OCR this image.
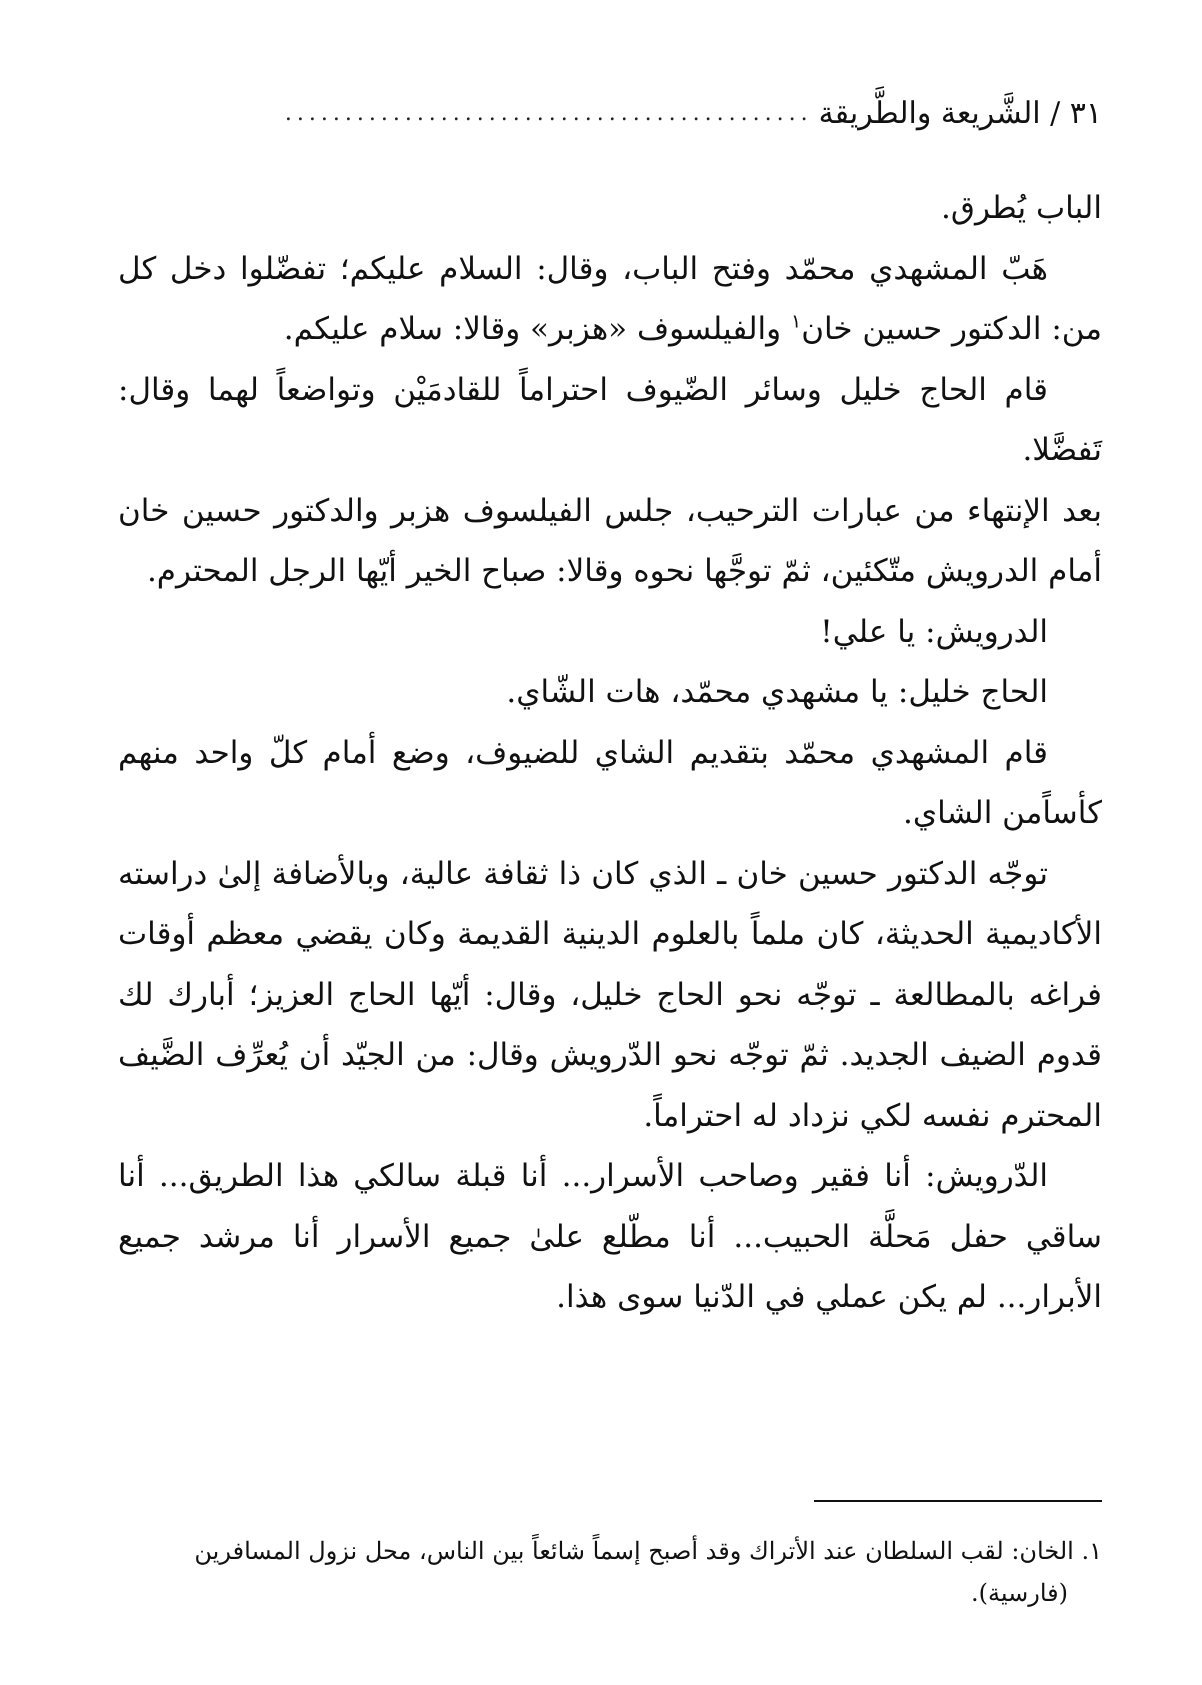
٣١
/
الشَّريعة والطَّريقة
............................................

الباب يُطرق.

هَبّ المشهدي محمّد وفتح الباب، وقال: السلام عليكم؛ تفضّلوا دخل كل من: الدكتور حسين خان$^١$ والفيلسوف «هزبر» وقالا: سلام عليكم.

قام الحاج خليل وسائر الضّيوف احتراماً للقادمَيْن وتواضعاً لهما وقال: تَفضَّلا.

بعد الإنتهاء من عبارات الترحيب، جلس الفيلسوف هزبر والدكتور حسين خان أمام الدرويش متّكئين، ثمّ توجَّها نحوه وقالا: صباح الخير أيّها الرجل المحترم.

الدرويش: يا علي!

الحاج خليل: يا مشهدي محمّد، هات الشّاي.

قام المشهدي محمّد بتقديم الشاي للضيوف، وضع أمام كلّ واحد منهم كأساًمن الشاي.

توجّه الدكتور حسين خان ـ الذي كان ذا ثقافة عالية، وبالأضافة إلىٰ دراسته الأكاديمية الحديثة، كان ملماً بالعلوم الدينية القديمة وكان يقضي معظم أوقات فراغه بالمطالعة ـ توجّه نحو الحاج خليل، وقال: أيّها الحاج العزيز؛ أبارك لك قدوم الضيف الجديد. ثمّ توجّه نحو الدّرويش وقال: من الجيّد أن يُعرِّف الضَّيف المحترم نفسه لكي نزداد له احتراماً.

الدّرويش: أنا فقير وصاحب الأسرار... أنا قبلة سالكي هذا الطريق... أنا ساقي حفل مَحلَّة الحبيب... أنا مطّلع علىٰ جميع الأسرار أنا مرشد جميع الأبرار... لم يكن عملي في الدّنيا سوى هذا.

١. الخان: لقب السلطان عند الأتراك وقد أصبح إسماً شائعاً بين الناس، محل نزول المسافرين

(فارسية).
